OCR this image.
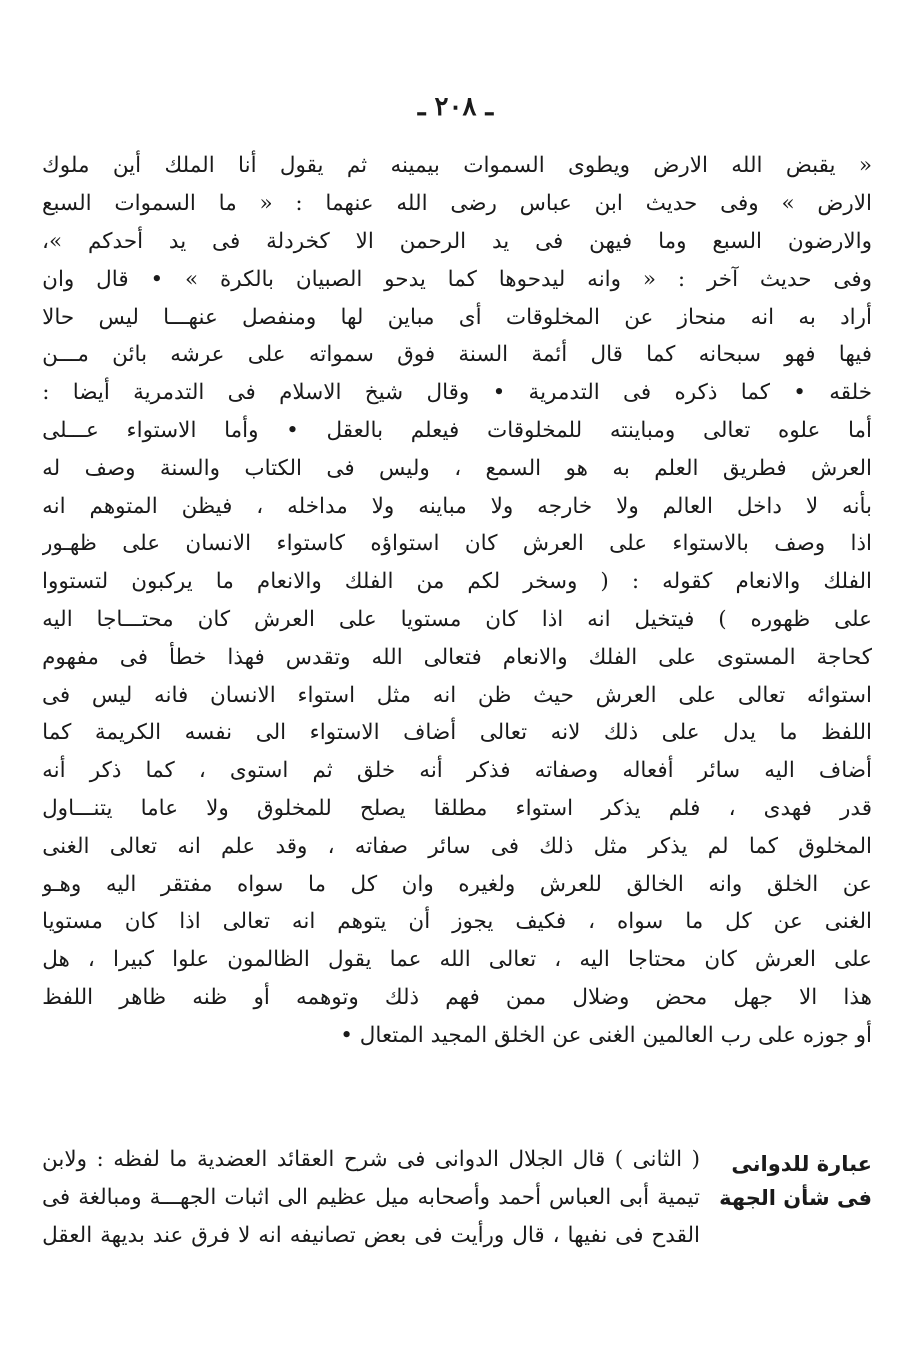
ـ ٢٠٨ ـ
«
يقبض
الله
الارض
ويطوى
السموات
بيمينه
ثم
يقول
أنا
الملك
أين
ملوك
الارض
»
وفى
حديث
ابن
عباس
رضى
الله
عنهما
:
«
ما
السموات
السبع
والارضون
السبع
وما
فيهن
فى
يد
الرحمن
الا
كخردلة
فى
يد
أحدكم
»،
وفى
حديث
آخر
:
«
وانه
ليدحوها
كما
يدحو
الصبيان
بالكرة
»
•
قال
وان
أراد
به
انه
منحاز
عن
المخلوقات
أى
مباين
لها
ومنفصل
عنهـــا
ليس
حالا
فيها
فهو
سبحانه
كما
قال
أئمة
السنة
فوق
سمواته
على
عرشه
بائن
مـــن
خلقه
•
كما
ذكره
فى
التدمرية
•
وقال
شيخ
الاسلام
فى
التدمرية
أيضا
:
أما
علوه
تعالى
ومباينته
للمخلوقات
فيعلم
بالعقل
•
وأما
الاستواء
عـــلى
العرش
فطريق
العلم
به
هو
السمع
،
وليس
فى
الكتاب
والسنة
وصف
له
بأنه
لا
داخل
العالم
ولا
خارجه
ولا
مباينه
ولا
مداخله
،
فيظن
المتوهم
انه
اذا
وصف
بالاستواء
على
العرش
كان
استواؤه
كاستواء
الانسان
على
ظهـور
الفلك
والانعام
كقوله
:
(
وسخر
لكم
من
الفلك
والانعام
ما
يركبون
لتستووا
على
ظهوره
)
فيتخيل
انه
اذا
كان
مستويا
على
العرش
كان
محتـــاجا
اليه
كحاجة
المستوى
على
الفلك
والانعام
فتعالى
الله
وتقدس
فهذا
خطأ
فى
مفهوم
استوائه
تعالى
على
العرش
حيث
ظن
انه
مثل
استواء
الانسان
فانه
ليس
فى
اللفظ
ما
يدل
على
ذلك
لانه
تعالى
أضاف
الاستواء
الى
نفسه
الكريمة
كما
أضاف
اليه
سائر
أفعاله
وصفاته
فذكر
أنه
خلق
ثم
استوى
،
كما
ذكر
أنه
قدر
فهدى
،
فلم
يذكر
استواء
مطلقا
يصلح
للمخلوق
ولا
عاما
يتنـــاول
المخلوق
كما
لم
يذكر
مثل
ذلك
فى
سائر
صفاته
،
وقد
علم
انه
تعالى
الغنى
عن
الخلق
وانه
الخالق
للعرش
ولغيره
وان
كل
ما
سواه
مفتقر
اليه
وهـو
الغنى
عن
كل
ما
سواه
،
فكيف
يجوز
أن
يتوهم
انه
تعالى
اذا
كان
مستويا
على
العرش
كان
محتاجا
اليه
،
تعالى
الله
عما
يقول
الظالمون
علوا
كبيرا
،
هل
هذا
الا
جهل
محض
وضلال
ممن
فهم
ذلك
وتوهمه
أو
ظنه
ظاهر
اللفظ
أو جوزه على رب العالمين الغنى عن الخلق المجيد المتعال •
عبارة للدوانى
فى شأن الجهة
(
الثانى
)
قال
الجلال
الدوانى
فى
شرح
العقائد
العضدية
ما
لفظه
:
ولابن
تيمية
أبى
العباس
أحمد
وأصحابه
ميل
عظيم
الى
اثبات
الجهـــة
ومبالغة
فى
القدح
فى
نفيها
،
قال
ورأيت
فى
بعض
تصانيفه
انه
لا
فرق
عند
بديهة
العقل
